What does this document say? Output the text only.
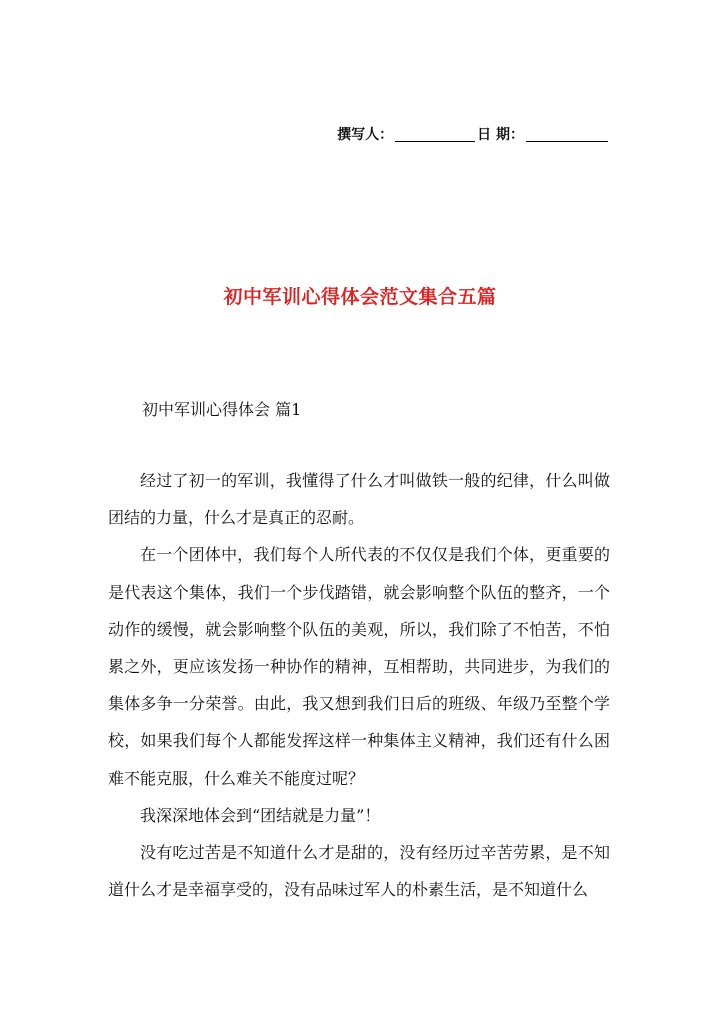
撰写人：	日 期：
初中军训心得体会范文集合五篇
初中军训心得体会 篇1

经过了初一的军训，我懂得了什么才叫做铁一般的纪律，什么叫做团结的力量，什么才是真正的忍耐。

在一个团体中，我们每个人所代表的不仅仅是我们个体，更重要的是代表这个集体，我们一个步伐踏错，就会影响整个队伍的整齐，一个动作的缓慢，就会影响整个队伍的美观，所以，我们除了不怕苦，不怕累之外，更应该发扬一种协作的精神，互相帮助，共同进步，为我们的集体多争一分荣誉。由此，我又想到我们日后的班级、年级乃至整个学校，如果我们每个人都能发挥这样一种集体主义精神，我们还有什么困难不能克服，什么难关不能度过呢？

我深深地体会到“团结就是力量”！

没有吃过苦是不知道什么才是甜的，没有经历过辛苦劳累，是不知道什么才是幸福享受的，没有品味过军人的朴素生活，是不知道什么
